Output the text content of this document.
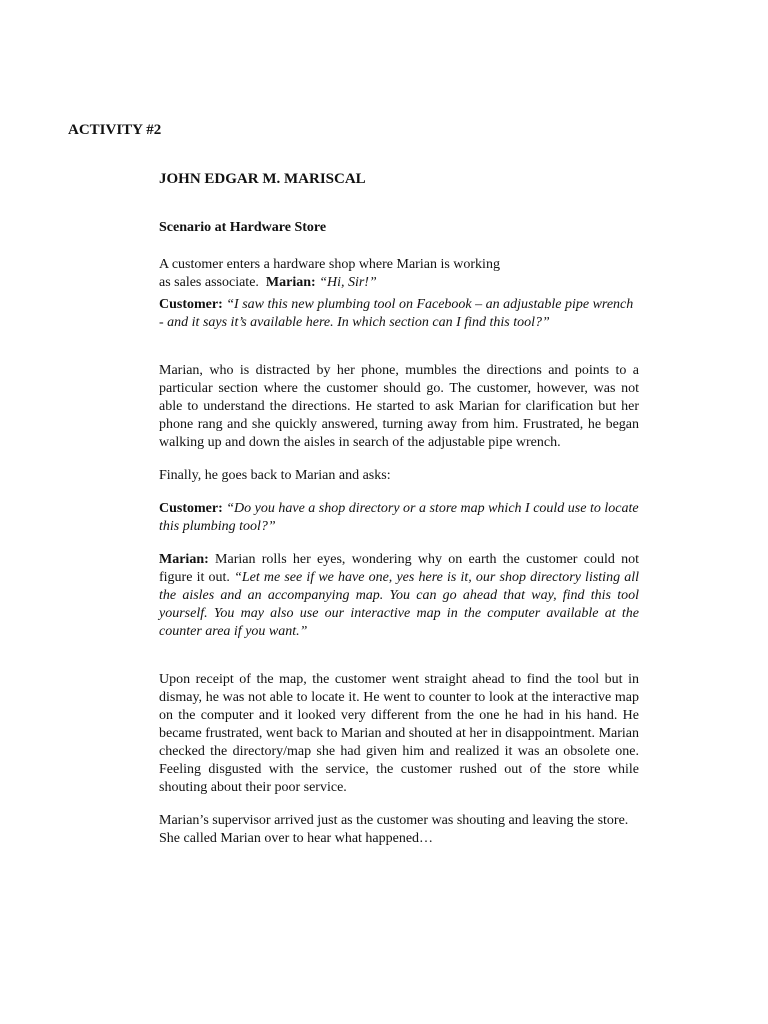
ACTIVITY #2
JOHN EDGAR M. MARISCAL
Scenario at Hardware Store

A customer enters a hardware shop where Marian is working
as sales associate. Marian: “Hi, Sir!”

Customer: “I saw this new plumbing tool on Facebook – an adjustable pipe wrench - and it says it’s available here. In which section can I find this tool?”

Marian, who is distracted by her phone, mumbles the directions and points to a particular section where the customer should go. The customer, however, was not able to understand the directions. He started to ask Marian for clarification but her phone rang and she quickly answered, turning away from him. Frustrated, he began walking up and down the aisles in search of the adjustable pipe wrench.

Finally, he goes back to Marian and asks:

Customer: “Do you have a shop directory or a store map which I could use to locate this plumbing tool?”

Marian: Marian rolls her eyes, wondering why on earth the customer could not figure it out. “Let me see if we have one, yes here is it, our shop directory listing all the aisles and an accompanying map. You can go ahead that way, find this tool yourself. You may also use our interactive map in the computer available at the counter area if you want.”

Upon receipt of the map, the customer went straight ahead to find the tool but in dismay, he was not able to locate it. He went to counter to look at the interactive map on the computer and it looked very different from the one he had in his hand. He became frustrated, went back to Marian and shouted at her in disappointment. Marian checked the directory/map she had given him and realized it was an obsolete one. Feeling disgusted with the service, the customer rushed out of the store while shouting about their poor service.

Marian’s supervisor arrived just as the customer was shouting and leaving the store. She called Marian over to hear what happened…
